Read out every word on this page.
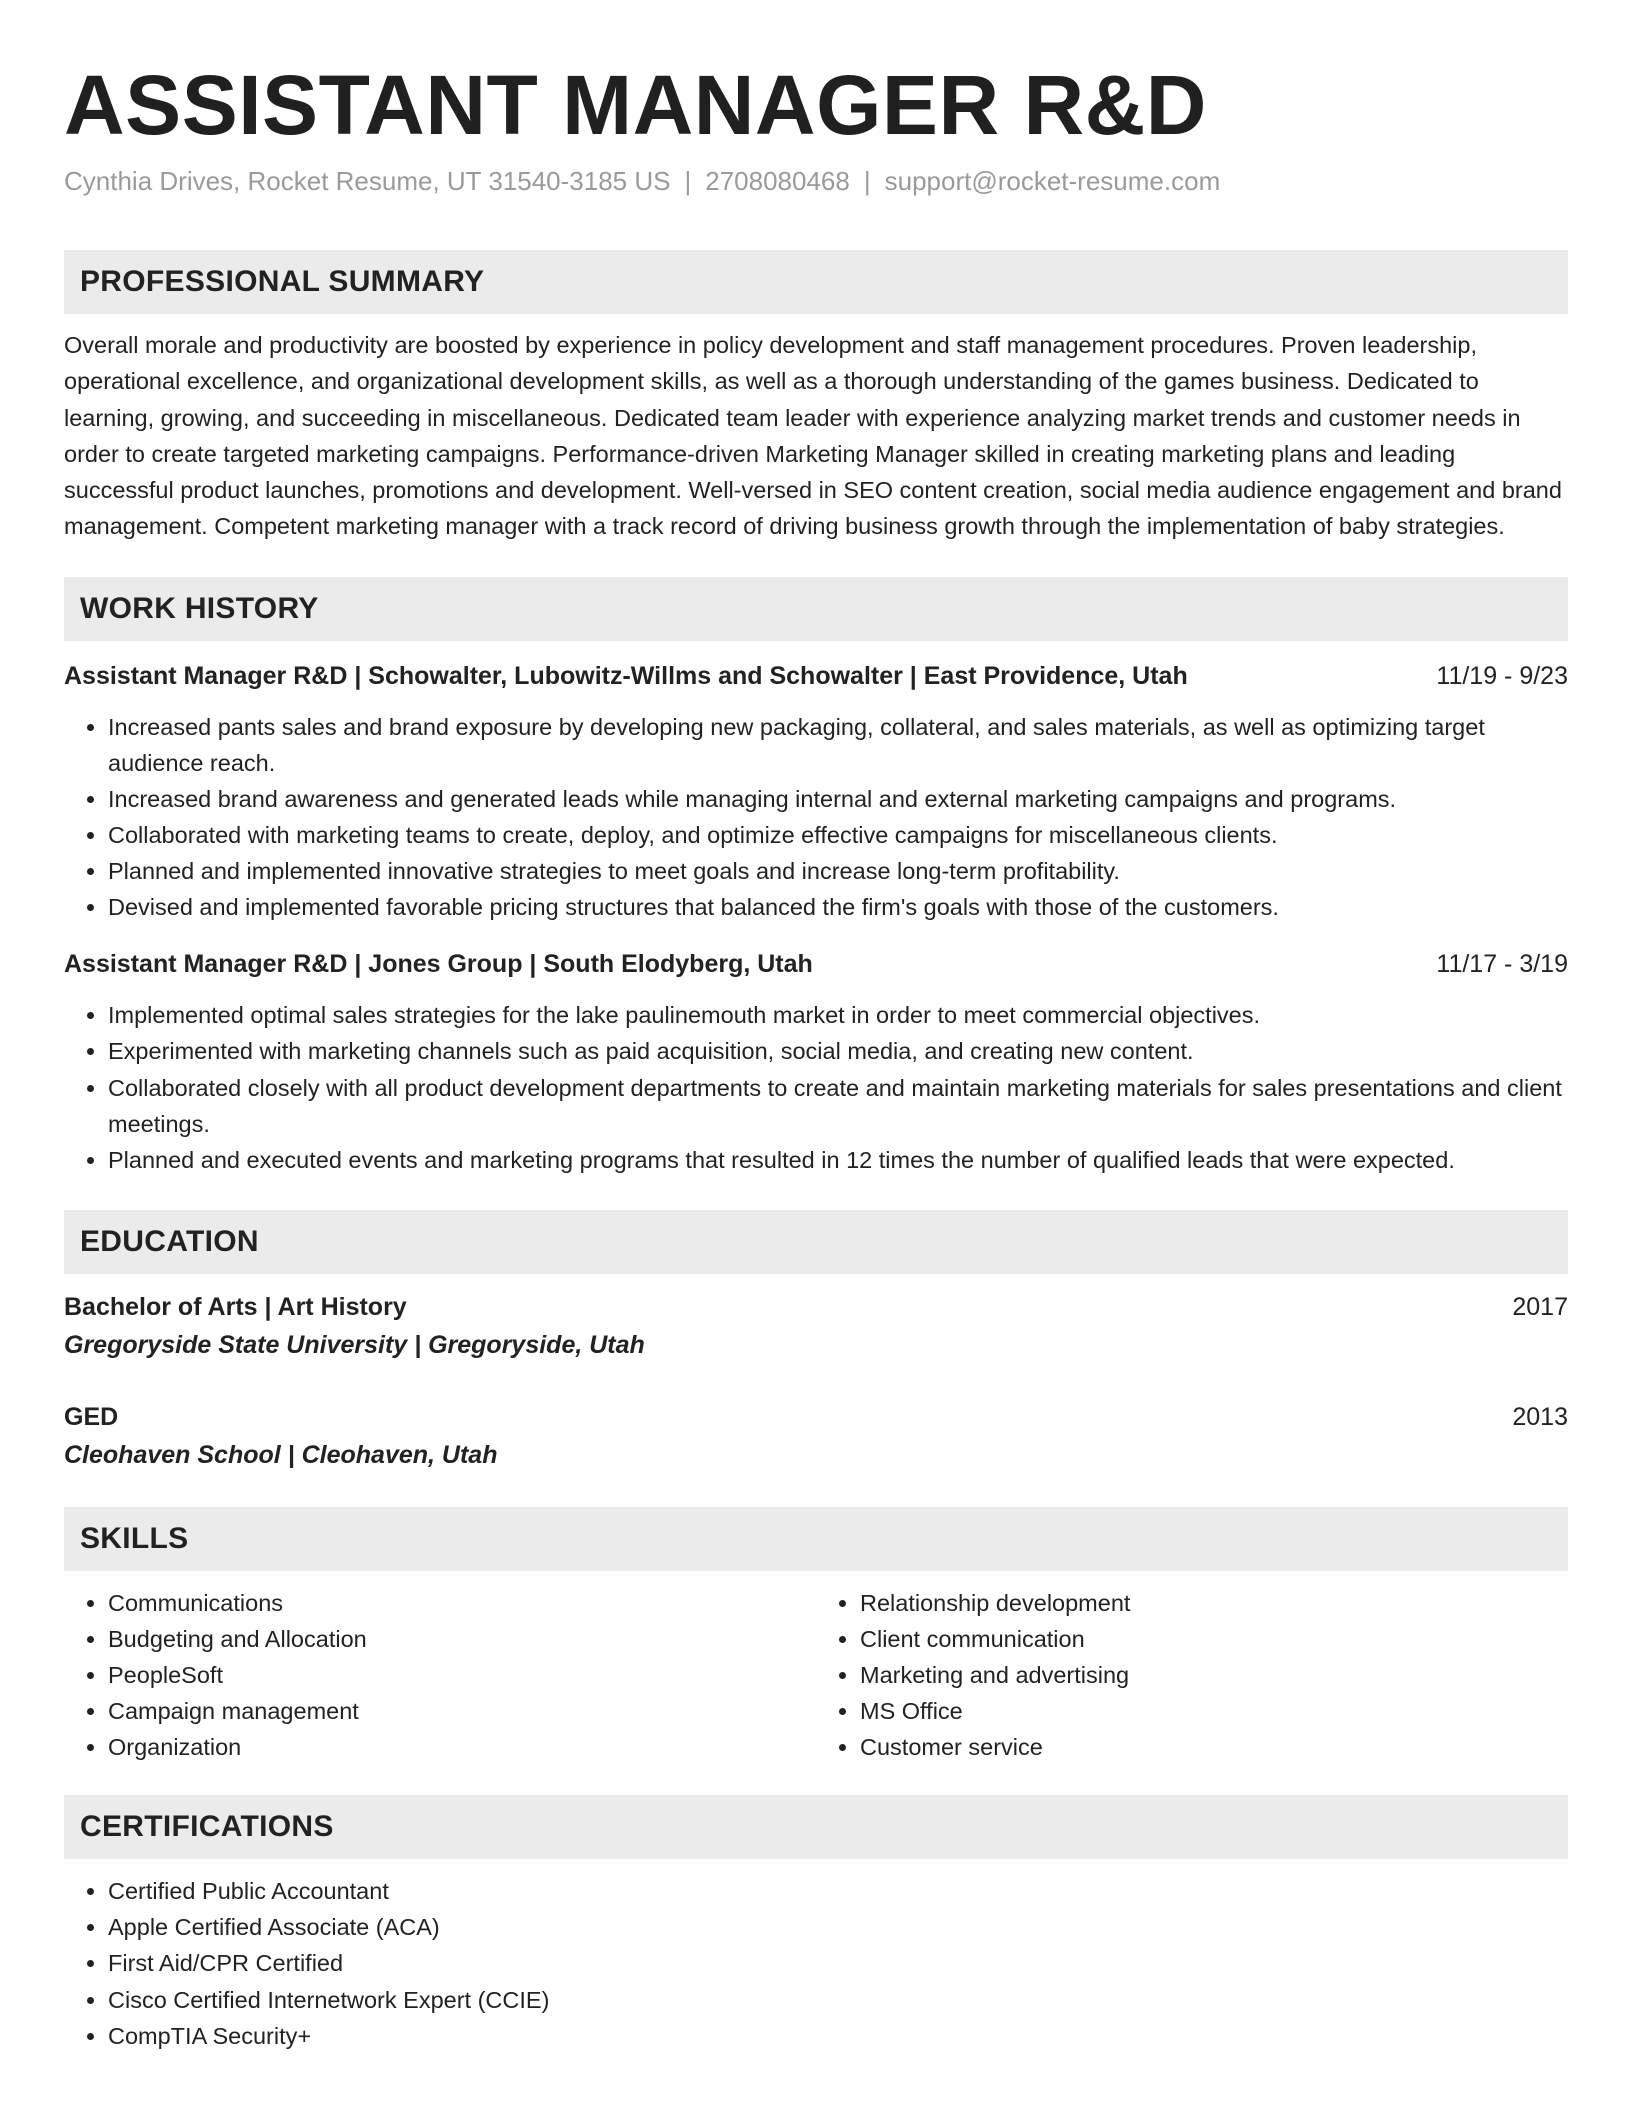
ASSISTANT MANAGER R&D
Cynthia Drives, Rocket Resume, UT 31540-3185 US | 2708080468 | support@rocket-resume.com
PROFESSIONAL SUMMARY

Overall morale and productivity are boosted by experience in policy development and staff management procedures. Proven leadership, operational excellence, and organizational development skills, as well as a thorough understanding of the games business. Dedicated to learning, growing, and succeeding in miscellaneous. Dedicated team leader with experience analyzing market trends and customer needs in order to create targeted marketing campaigns. Performance-driven Marketing Manager skilled in creating marketing plans and leading successful product launches, promotions and development. Well-versed in SEO content creation, social media audience engagement and brand management. Competent marketing manager with a track record of driving business growth through the implementation of baby strategies.

WORK HISTORY
Assistant Manager R&D | Schowalter, Lubowitz-Willms and Schowalter | East Providence, Utah	11/19 - 9/23
• Increased pants sales and brand exposure by developing new packaging, collateral, and sales materials, as well as optimizing target audience reach.
• Increased brand awareness and generated leads while managing internal and external marketing campaigns and programs.
• Collaborated with marketing teams to create, deploy, and optimize effective campaigns for miscellaneous clients.
• Planned and implemented innovative strategies to meet goals and increase long-term profitability.
• Devised and implemented favorable pricing structures that balanced the firm's goals with those of the customers.
Assistant Manager R&D | Jones Group | South Elodyberg, Utah	11/17 - 3/19
• Implemented optimal sales strategies for the lake paulinemouth market in order to meet commercial objectives.
• Experimented with marketing channels such as paid acquisition, social media, and creating new content.
• Collaborated closely with all product development departments to create and maintain marketing materials for sales presentations and client meetings.
• Planned and executed events and marketing programs that resulted in 12 times the number of qualified leads that were expected.
EDUCATION
Bachelor of Arts | Art History	2017
Gregoryside State University | Gregoryside, Utah
GED	2013
Cleohaven School | Cleohaven, Utah
SKILLS
• Communications
• Budgeting and Allocation
• PeopleSoft
• Campaign management
• Organization
• Relationship development
• Client communication
• Marketing and advertising
• MS Office
• Customer service
CERTIFICATIONS
• Certified Public Accountant
• Apple Certified Associate (ACA)
• First Aid/CPR Certified
• Cisco Certified Internetwork Expert (CCIE)
• CompTIA Security+
